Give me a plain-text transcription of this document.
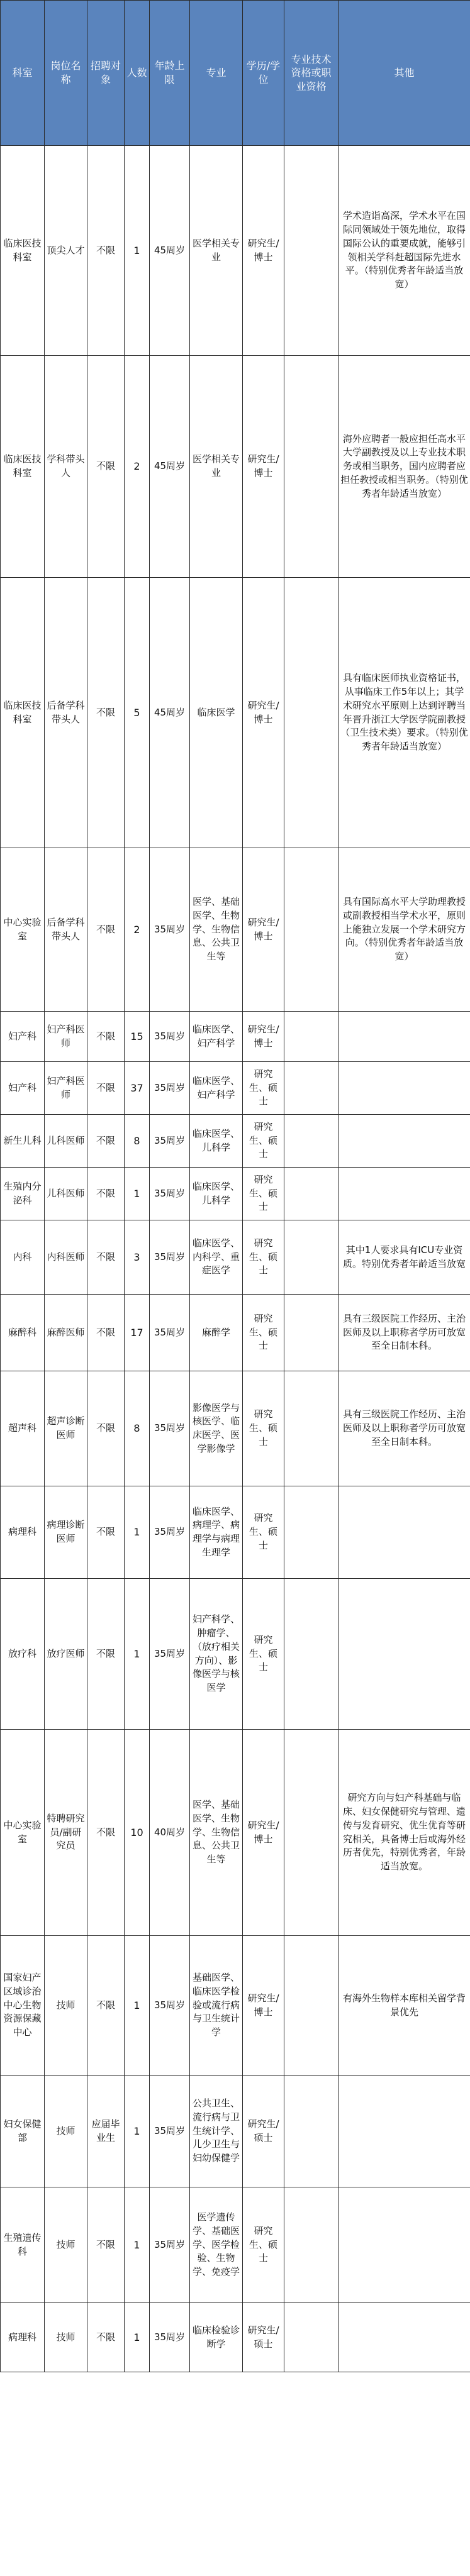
科室	岗位名称	招聘对象	人数	年龄上限	专业	学历/学位	专业技术资格或职业资格	其他
临床医技科室	顶尖人才	不限	1	45周岁	医学相关专业	研究生/博士		学术造诣高深，学术水平在国际同领域处于领先地位，取得国际公认的重要成就，能够引领相关学科赶超国际先进水平。（特别优秀者年龄适当放宽）
临床医技科室	学科带头人	不限	2	45周岁	医学相关专业	研究生/博士		海外应聘者一般应担任高水平大学副教授及以上专业技术职务或相当职务，国内应聘者应担任教授或相当职务。（特别优秀者年龄适当放宽）
临床医技科室	后备学科带头人	不限	5	45周岁	临床医学	研究生/博士		具有临床医师执业资格证书，从事临床工作5年以上；其学术研究水平原则上达到评聘当年晋升浙江大学医学院副教授（卫生技术类）要求。（特别优秀者年龄适当放宽）
中心实验室	后备学科带头人	不限	2	35周岁	医学、基础医学、生物学、生物信息、公共卫生等	研究生/博士		具有国际高水平大学助理教授或副教授相当学术水平，原则上能独立发展一个学术研究方向。（特别优秀者年龄适当放宽）
妇产科	妇产科医师	不限	15	35周岁	临床医学、妇产科学	研究生/博士		
妇产科	妇产科医师	不限	37	35周岁	临床医学、妇产科学	研究生、硕士		
新生儿科	儿科医师	不限	8	35周岁	临床医学、儿科学	研究生、硕士		
生殖内分泌科	儿科医师	不限	1	35周岁	临床医学、儿科学	研究生、硕士		
内科	内科医师	不限	3	35周岁	临床医学、内科学、重症医学	研究生、硕士		其中1人要求具有ICU专业资质。特别优秀者年龄适当放宽
麻醉科	麻醉医师	不限	17	35周岁	麻醉学	研究生、硕士		具有三级医院工作经历、主治医师及以上职称者学历可放宽至全日制本科。
超声科	超声诊断医师	不限	8	35周岁	影像医学与核医学、临床医学、医学影像学	研究生、硕士		具有三级医院工作经历、主治医师及以上职称者学历可放宽至全日制本科。
病理科	病理诊断医师	不限	1	35周岁	临床医学、病理学、病理学与病理生理学	研究生、硕士		
放疗科	放疗医师	不限	1	35周岁	妇产科学、肿瘤学、（放疗相关方向）、影像医学与核医学	研究生、硕士		
中心实验室	特聘研究员/副研究员	不限	10	40周岁	医学、基础医学、生物学、生物信息、公共卫生等	研究生/博士		研究方向与妇产科基础与临床、妇女保健研究与管理、遗传与发育研究、优生优育等研究相关，具备博士后或海外经历者优先，特别优秀者，年龄适当放宽。
国家妇产区域诊治中心生物资源保藏中心	技师	不限	1	35周岁	基础医学、临床医学检验或流行病与卫生统计学	研究生/博士		有海外生物样本库相关留学背景优先
妇女保健部	技师	应届毕业生	1	35周岁	公共卫生、流行病与卫生统计学、儿少卫生与妇幼保健学	研究生/硕士		
生殖遗传科	技师	不限	1	35周岁	医学遗传学、基础医学、医学检验、生物学、免疫学	研究生、硕士		
病理科	技师	不限	1	35周岁	临床检验诊断学	研究生/硕士		
